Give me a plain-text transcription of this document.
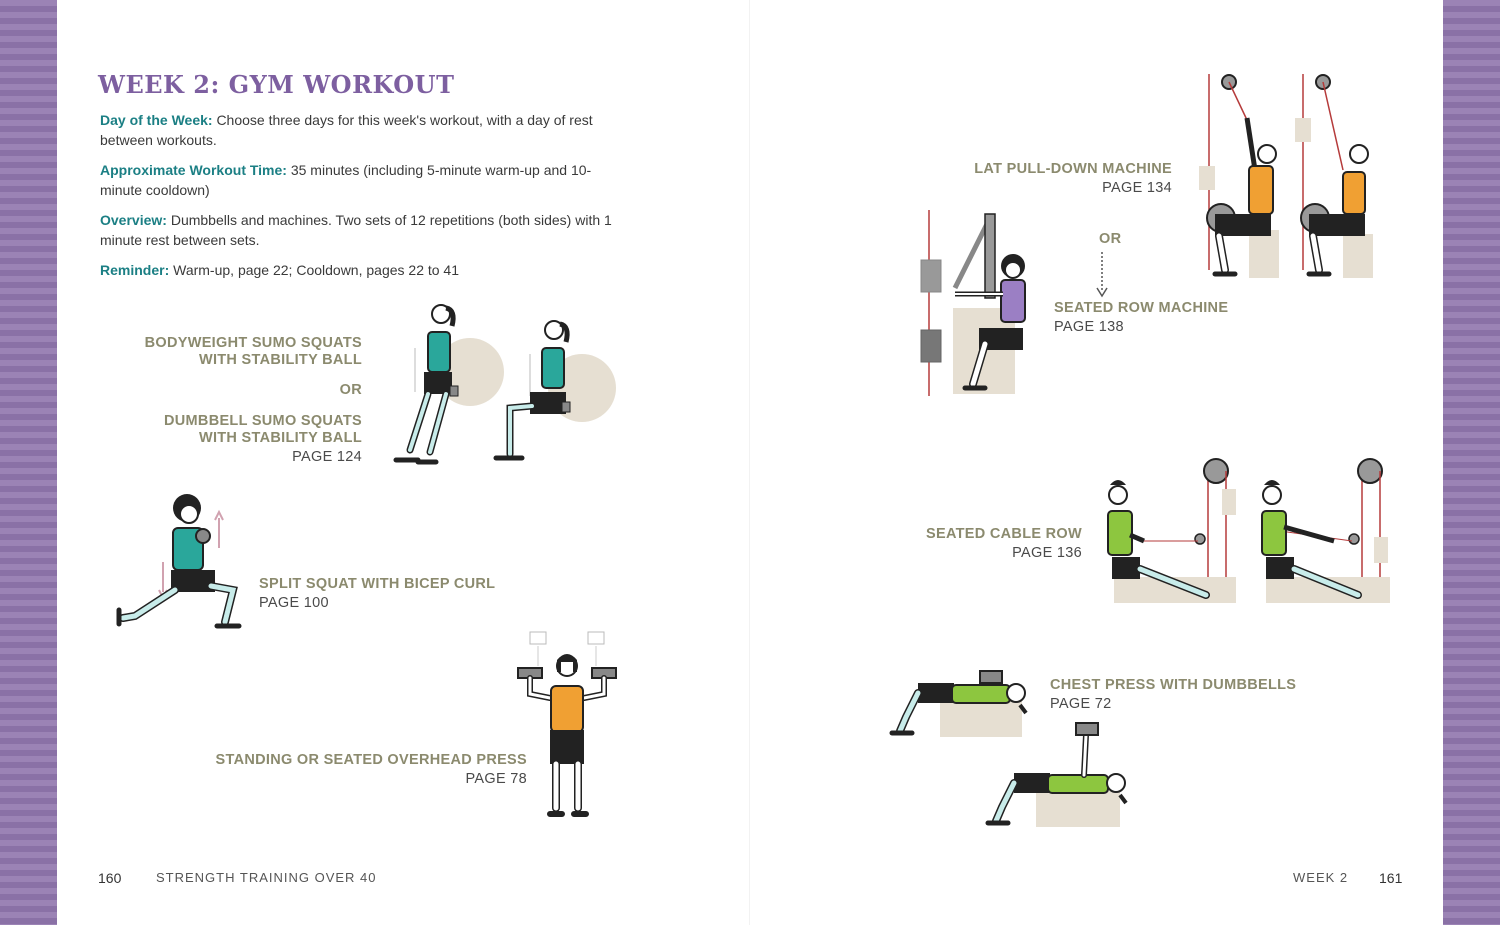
WEEK 2: GYM WORKOUT
Day of the Week: Choose three days for this week's workout, with a day of rest between workouts.
Approximate Workout Time: 35 minutes (including 5-minute warm-up and 10-minute cooldown)
Overview: Dumbbells and machines. Two sets of 12 repetitions (both sides) with 1 minute rest between sets.
Reminder: Warm-up, page 22; Cooldown, pages 22 to 41
BODYWEIGHT SUMO SQUATS
WITH STABILITY BALL
OR
DUMBBELL SUMO SQUATS
WITH STABILITY BALL
PAGE 124
SPLIT SQUAT WITH BICEP CURL
PAGE 100
STANDING OR SEATED OVERHEAD PRESS
PAGE 78
LAT PULL-DOWN MACHINE
PAGE 134
OR
SEATED ROW MACHINE
PAGE 138
SEATED CABLE ROW
PAGE 136
CHEST PRESS WITH DUMBBELLS
PAGE 72
160	STRENGTH TRAINING OVER 40	WEEK 2 161
